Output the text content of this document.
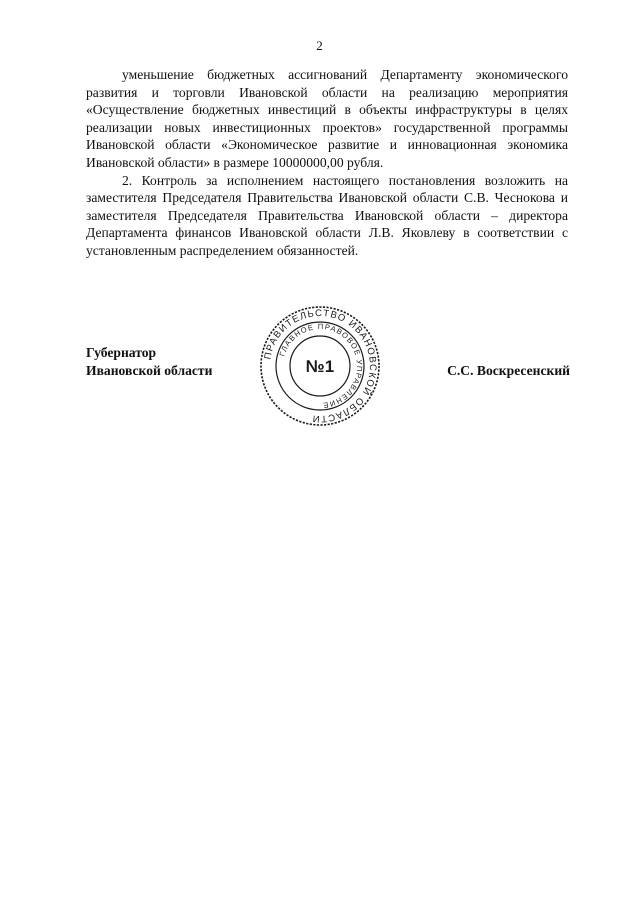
2

уменьшение бюджетных ассигнований Департаменту экономического развития и торговли Ивановской области на реализацию мероприятия «Осуществление бюджетных инвестиций в объекты инфраструктуры в целях реализации новых инвестиционных проектов» государственной программы Ивановской области «Экономическое развитие и инновационная экономика Ивановской области» в размере 10000000,00 рубля.

2. Контроль за исполнением настоящего постановления возложить на заместителя Председателя Правительства Ивановской области С.В. Чеснокова и заместителя Председателя Правительства Ивановской области – директора Департамента финансов Ивановской области Л.В. Яковлеву в соответствии с установленным распределением обязанностей.

Губернатор
Ивановской области	С.С. Воскресенский
ПРАВИТЕЛЬСТВО ИВАНОВСКОЙ ОБЛАСТИ
ГЛАВНОЕ ПРАВОВОЕ УПРАВЛЕНИЕ
№1
